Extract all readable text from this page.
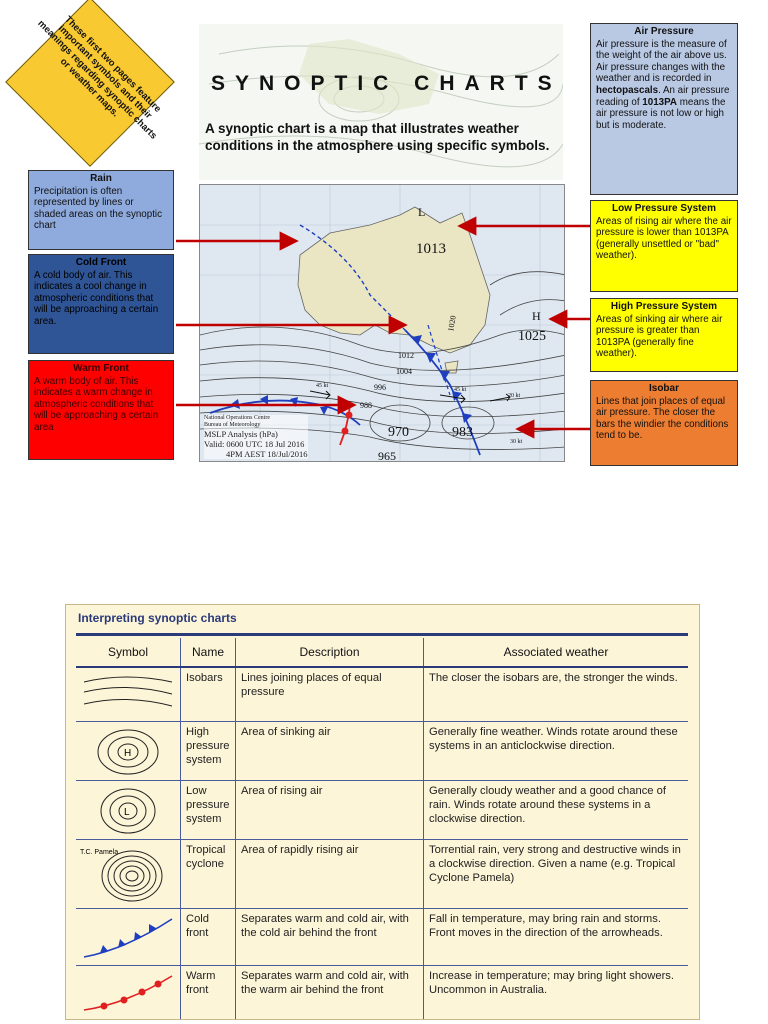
These first two pages feature important symbols and their meanings regarding synoptic charts or weather maps.	SYNOPTIC CHARTS
A synoptic chart is a map that illustrates weather conditions in the atmosphere using specific symbols.
Air Pressure

Air pressure is the measure of the weight of the air above us. Air pressure changes with the weather and is recorded in hectopascals. An air pressure reading of 1013PA means the air pressure is not low or high but is moderate.

Rain

Precipitation is often represented by lines or shaded areas on the synoptic chart

Cold Front

A cold body of air. This indicates a cool change in atmospheric conditions that will be approaching a certain area.

Warm Front

A warm body of air. This indicates a warm change in atmospheric conditions that will be approaching a certain area

Low Pressure System

Areas of rising air where the air pressure is lower than 1013PA (generally unsettled or "bad" weather).

High Pressure System

Areas of sinking air where air pressure is greater than 1013PA (generally fine weather).

Isobar

Lines that join places of equal air pressure. The closer the bars the windier the conditions tend to be.

L
1013
H
1025
1012
1004
996
988
1020
45 kt
45 kt
20 kt
30 kt
970	983
965
National Operations Centre
Bureau of Meteorology
MSLP Analysis (hPa)
Valid: 0600 UTC 18 Jul 2016
4PM AEST 18/Jul/2016
Interpreting synoptic charts
Symbol	Name	Description	Associated weather

	Isobars	Lines joining places of equal pressure	The closer the isobars are, the stronger the winds.

H	High pressure system	Area of sinking air	Generally fine weather. Winds rotate around these systems in an anticlockwise direction.

L	Low pressure system	Area of rising air	Generally cloudy weather and a good chance of rain. Winds rotate around these systems in a clockwise direction.

T.C. Pamela	Tropical cyclone	Area of rapidly rising air	Torrential rain, very strong and destructive winds in a clockwise direction. Given a name (e.g. Tropical Cyclone Pamela)

	Cold front	Separates warm and cold air, with the cold air behind the front	Fall in temperature, may bring rain and storms. Front moves in the direction of the arrowheads.

	Warm front	Separates warm and cold air, with the warm air behind the front	Increase in temperature; may bring light showers. Uncommon in Australia.
